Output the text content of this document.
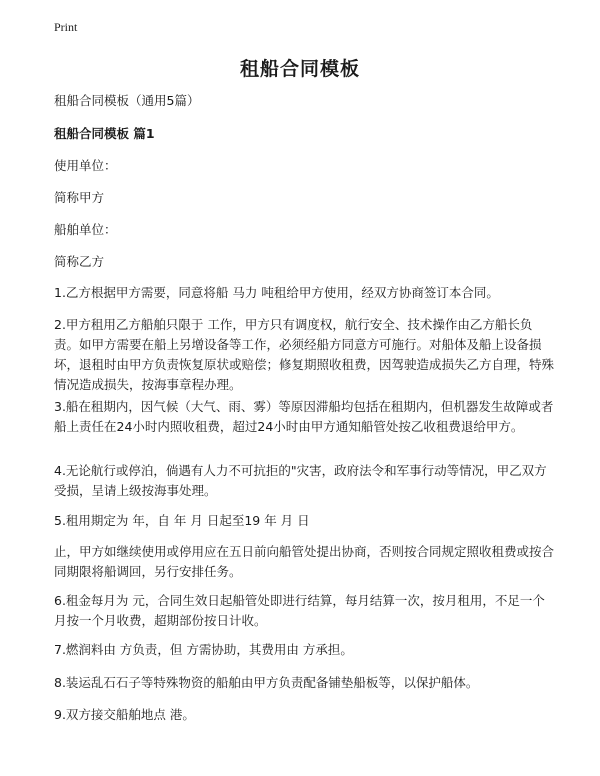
Print
租船合同模板
租船合同模板（通用5篇）
租船合同模板 篇1
使用单位：
简称甲方
船舶单位：
简称乙方
1.乙方根据甲方需要，同意将船 马力 吨租给甲方使用，经双方协商签订本合同。
2.甲方租用乙方船舶只限于 工作，甲方只有调度权，航行安全、技术操作由乙方船长负责。如甲方需要在船上另增设备等工作，必须经船方同意方可施行。对船体及船上设备损坏，退租时由甲方负责恢复原状或赔偿；修复期照收租费，因驾驶造成损失乙方自理，特殊情况造成损失，按海事章程办理。
3.船在租期内，因气候（大气、雨、雾）等原因滞船均包括在租期内，但机器发生故障或者船上责任在24小时内照收租费，超过24小时由甲方通知船管处按乙收租费退给甲方。
4.无论航行或停泊，倘遇有人力不可抗拒的"灾害，政府法令和军事行动等情况，甲乙双方受损，呈请上级按海事处理。
5.租用期定为 年，自 年 月 日起至19 年 月 日
止，甲方如继续使用或停用应在五日前向船管处提出协商，否则按合同规定照收租费或按合同期限将船调回，另行安排任务。
6.租金每月为 元，合同生效日起船管处即进行结算，每月结算一次，按月租用，不足一个月按一个月收费，超期部份按日计收。
7.燃润料由 方负责，但 方需协助，其费用由 方承担。
8.装运乱石石子等特殊物资的船舶由甲方负责配备铺垫船板等，以保护船体。
9.双方接交船舶地点 港。
